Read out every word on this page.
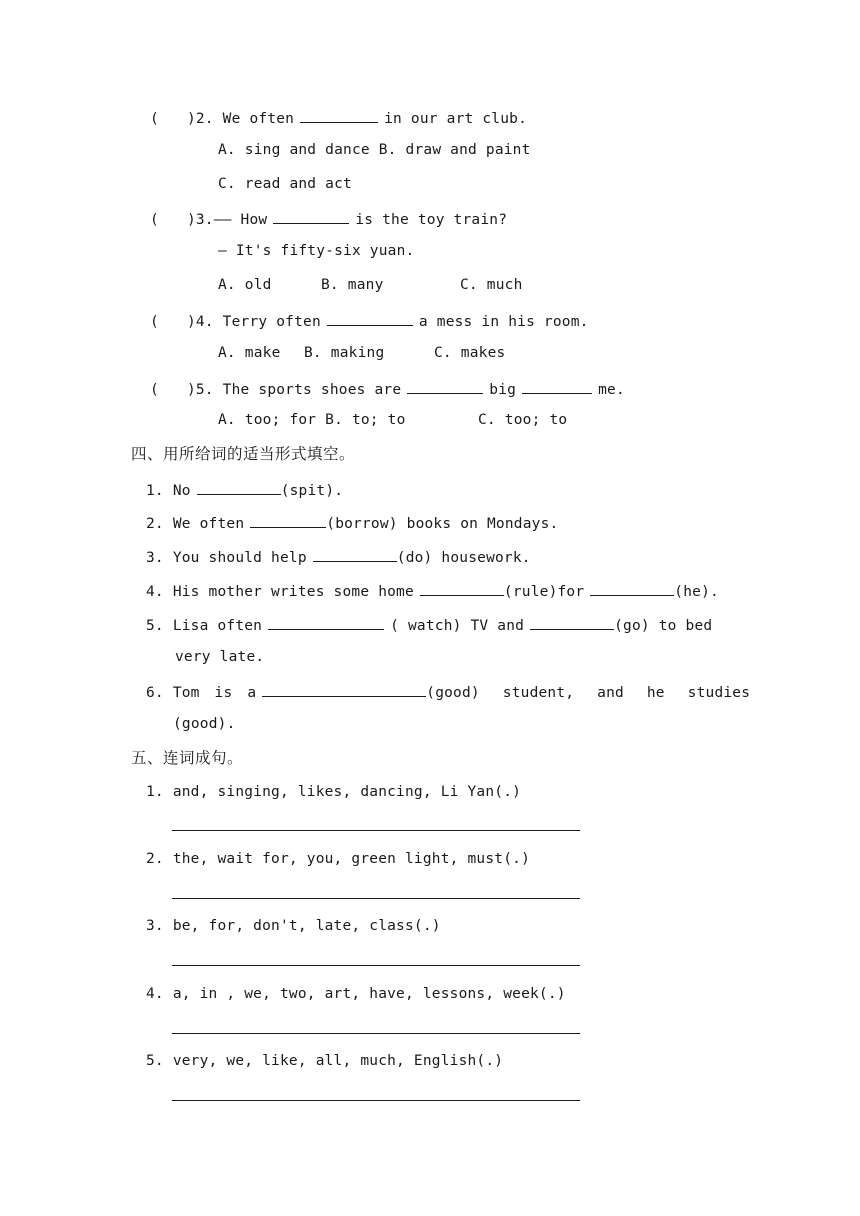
( )2. We often	in our art club.
A. sing and dance B. draw and paint
C. read and act
( )3.—— How	is the toy train?
— It's fifty-six yuan.
A. old	B. many	C. much
( )4. Terry often	a mess in his room.
A. make B. making	C. makes
( )5. The sports shoes are	big	me.
A. too; for B. to; to	C. too; to
四、用所给词的适当形式填空。
1. No	(spit).
2. We often	(borrow) books on Mondays.
3. You should help	(do) housework.
4. His mother writes some home	(rule)for	(he).
5. Lisa often	( watch) TV and	(go) to bed
very late.
6. Tom is a	(good) student, and he studies
(good).
五、连词成句。
1. and, singing, likes, dancing, Li Yan(.)
2. the, wait for, you, green light, must(.)
3. be, for, don't, late, class(.)
4. a, in , we, two, art, have, lessons, week(.)
5. very, we, like, all, much, English(.)
